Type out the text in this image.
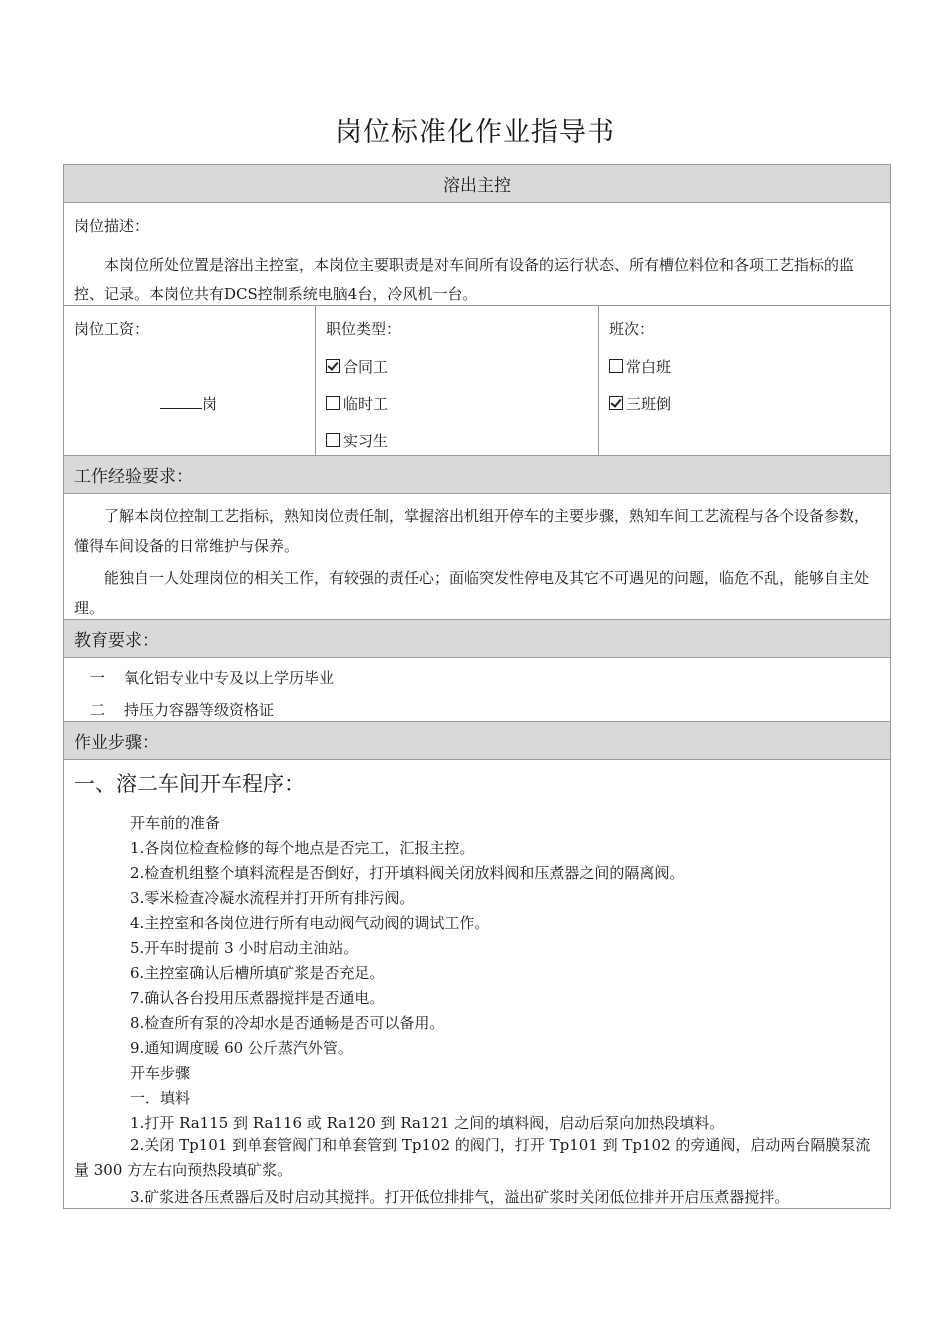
岗位标准化作业指导书
溶出主控
岗位描述：
本岗位所处位置是溶出主控室，本岗位主要职责是对车间所有设备的运行状态、所有槽位料位和各项工艺指标的监控、记录。本岗位共有DCS控制系统电脑4台，冷风机一台。
岗位工资：
岗
职位类型：
合同工
临时工
实习生
班次：
常白班
三班倒
工作经验要求：
了解本岗位控制工艺指标，熟知岗位责任制，掌握溶出机组开停车的主要步骤，熟知车间工艺流程与各个设备参数，懂得车间设备的日常维护与保养。
能独自一人处理岗位的相关工作，有较强的责任心；面临突发性停电及其它不可遇见的问题，临危不乱，能够自主处理。
教育要求：
一 氧化铝专业中专及以上学历毕业
二 持压力容器等级资格证
作业步骤：
一、溶二车间开车程序：
开车前的准备
1.各岗位检查检修的每个地点是否完工，汇报主控。
2.检查机组整个填料流程是否倒好，打开填料阀关闭放料阀和压煮器之间的隔离阀。
3.零米检查冷凝水流程并打开所有排污阀。
4.主控室和各岗位进行所有电动阀气动阀的调试工作。
5.开车时提前 3 小时启动主油站。
6.主控室确认后槽所填矿浆是否充足。
7.确认各台投用压煮器搅拌是否通电。
8.检查所有泵的冷却水是否通畅是否可以备用。
9.通知调度暖 60 公斤蒸汽外管。
开车步骤
一．填料
1.打开 Ra115 到 Ra116 或 Ra120 到 Ra121 之间的填料阀，启动后泵向加热段填料。
2.关闭 Tp101 到单套管阀门和单套管到 Tp102 的阀门，打开 Tp101 到 Tp102 的旁通阀，启动两台隔膜泵流量 300 方左右向预热段填矿浆。
3.矿浆进各压煮器后及时启动其搅拌。打开低位排排气，溢出矿浆时关闭低位排并开启压煮器搅拌。
